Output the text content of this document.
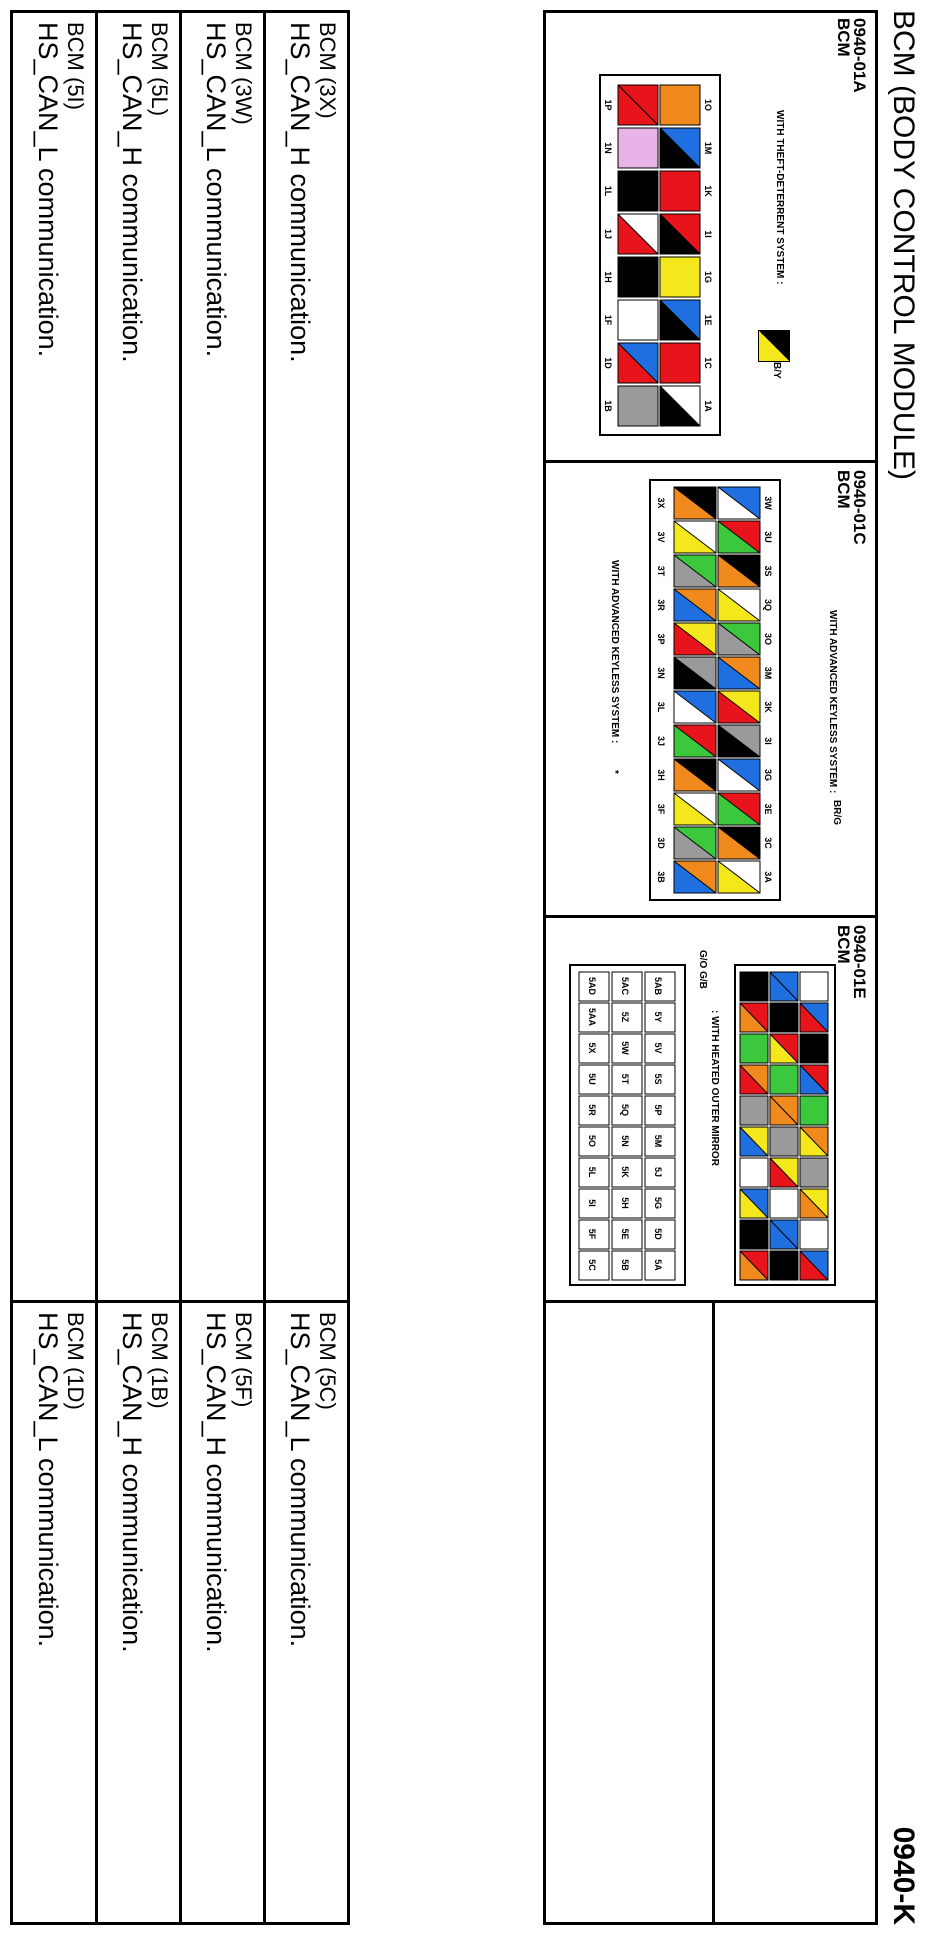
BCM (BODY CONTROL MODULE)
0940-K
0940-01A
BCM
WITH THEFT-DETERRENT SYSTEM :
B/Y
1O
1P
1M
1N
1K
1L
1I
1J
1G
1H
1E
1F
1C
1D
1A
1B
0940-01C
BCM
WITH ADVANCED KEYLESS SYSTEM :
BR/G
WITH ADVANCED KEYLESS SYSTEM :
*
3W
3X
3U
3V
3S
3T
3Q
3R
3O
3P
3M
3N
3K
3L
3I
3J
3G
3H
3E
3F
3C
3D
3A
3B
0940-01E
BCM
: WITH HEATED OUTER MIRROR
G/O G/B
5AB
5Y
5V
5S
5P
5M
5J
5G
5D
5A
5AC
5Z
5W
5T
5Q
5N
5K
5H
5E
5B
5AD
5AA
5X
5U
5R
5O
5L
5I
5F
5C
BCM (3X)
HS_CAN_H communication.
BCM (3W)
HS_CAN_L communication.
BCM (5L)
HS_CAN_H communication.
BCM (5I)
HS_CAN_L communication.
BCM (5C)
HS_CAN_L communication.
BCM (5F)
HS_CAN_H communication.
BCM (1B)
HS_CAN_H communication.
BCM (1D)
HS_CAN_L communication.
